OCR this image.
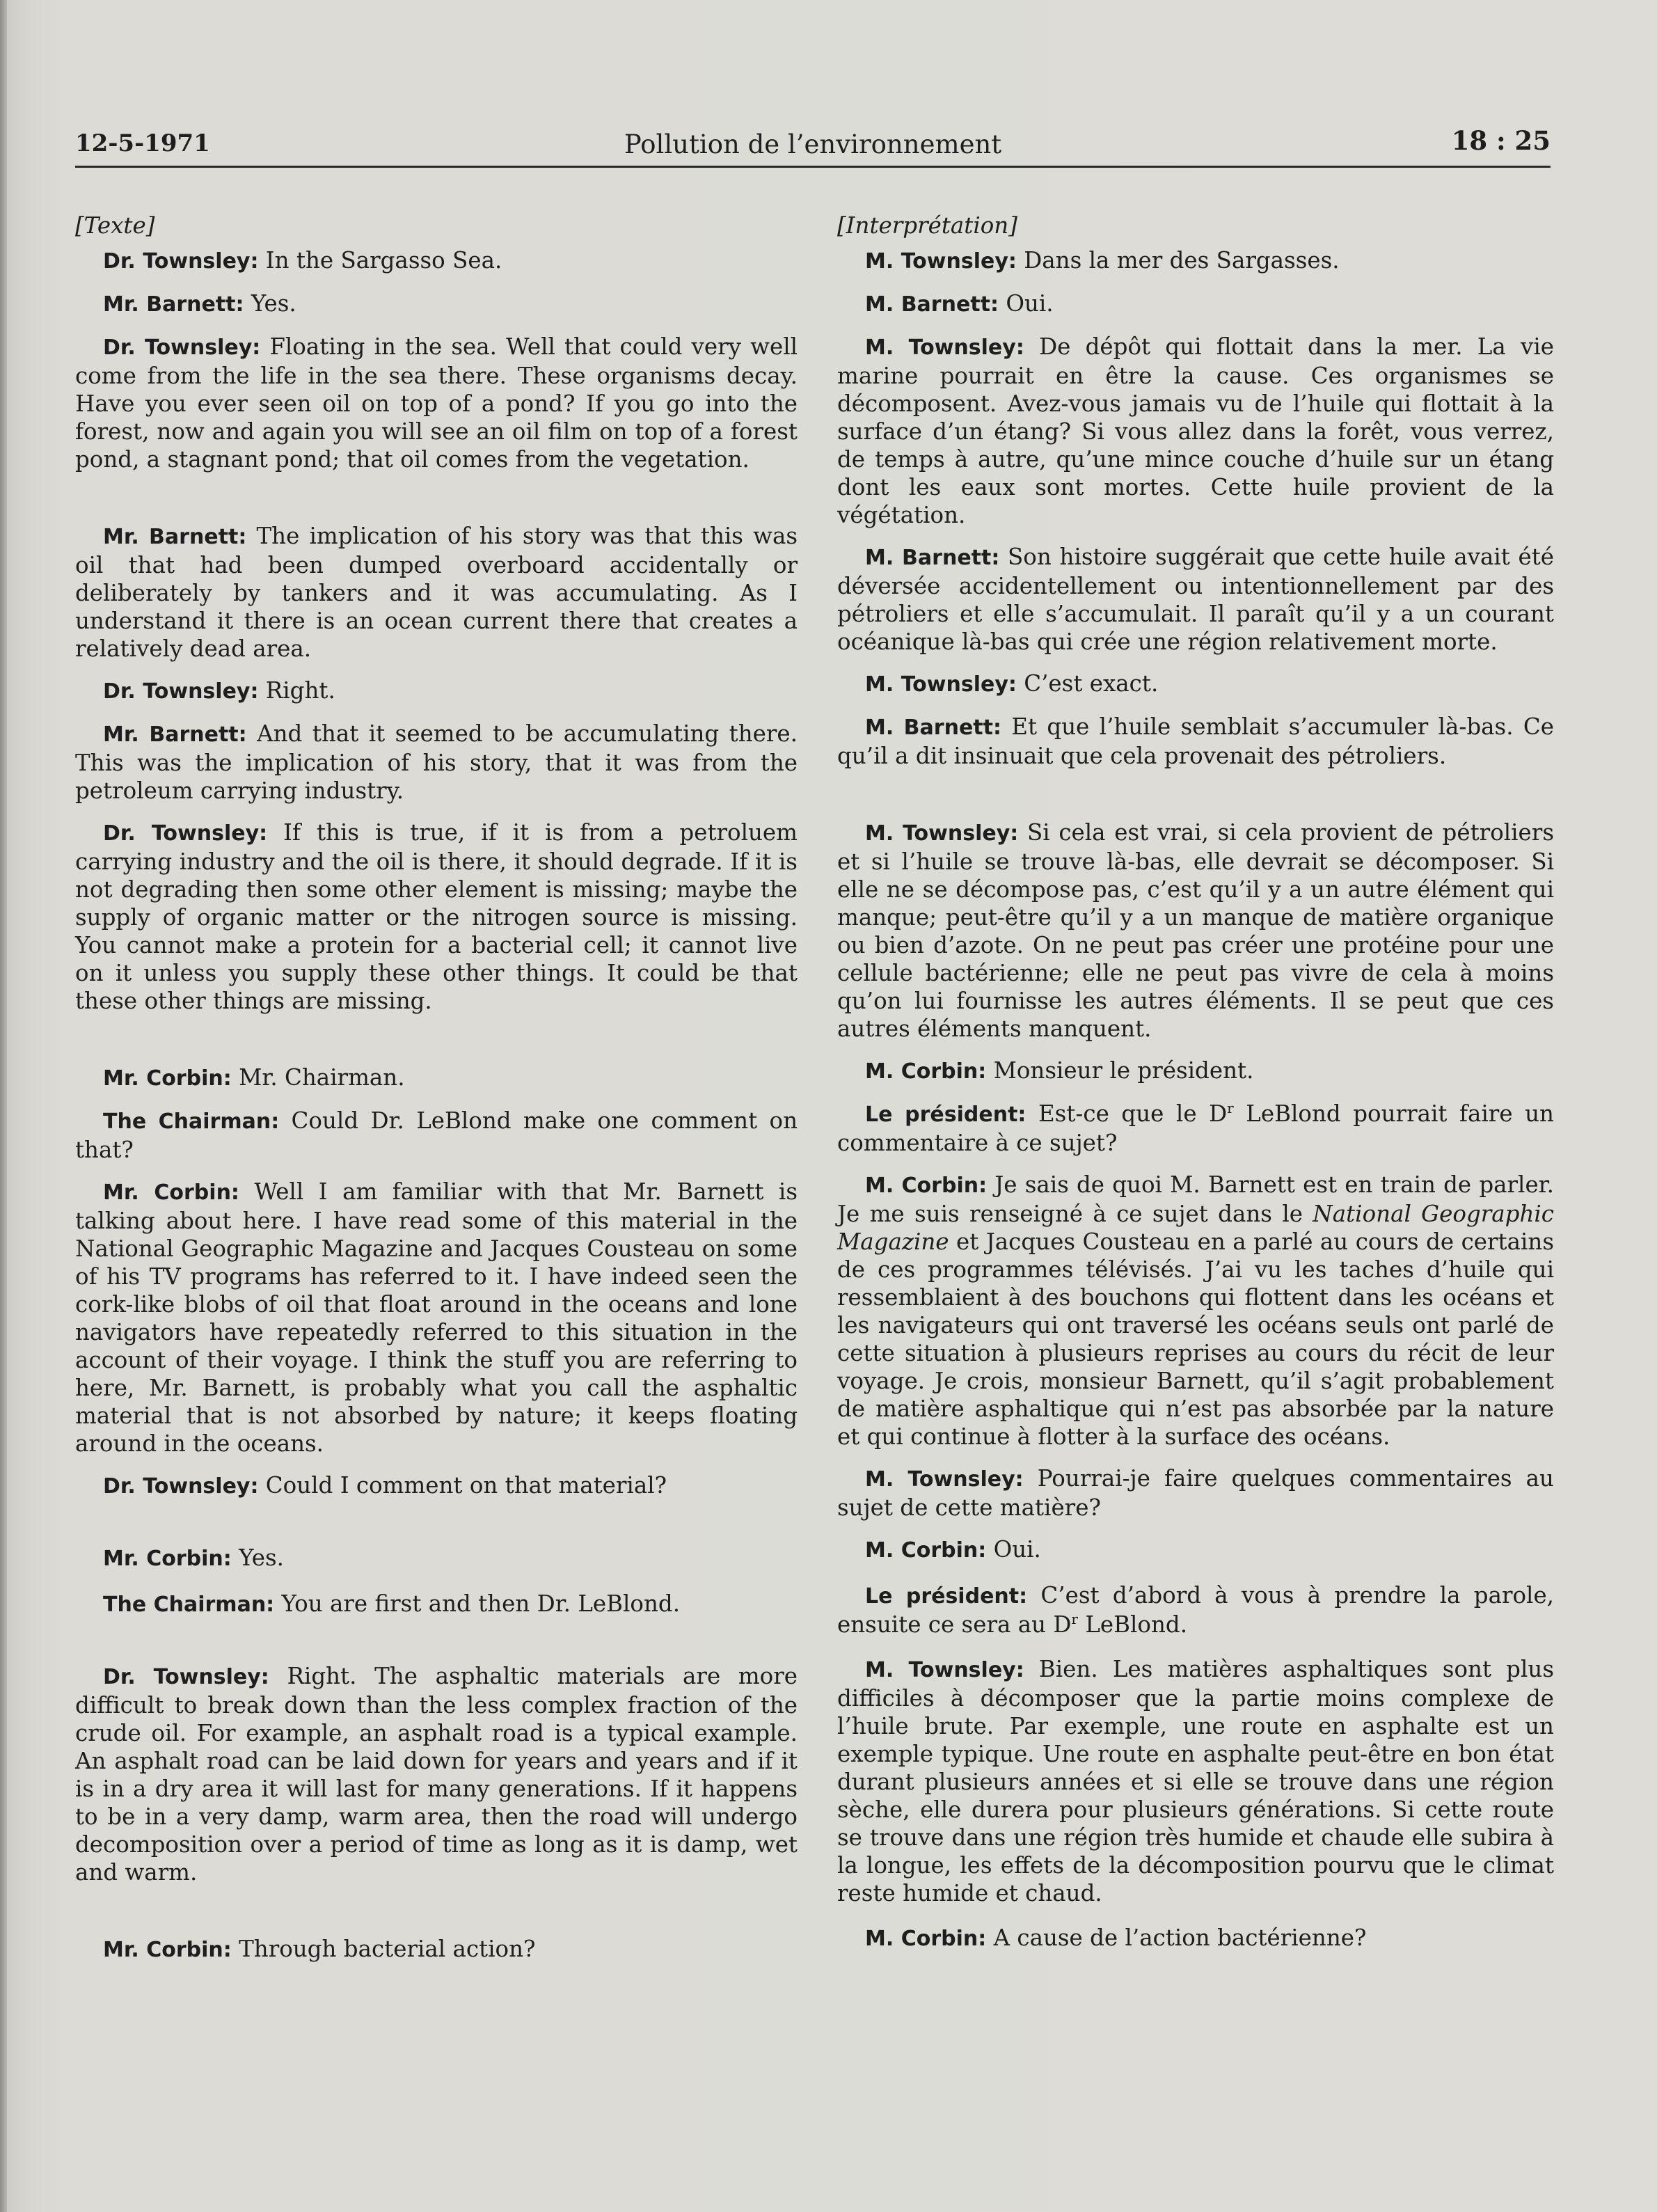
12-5-1971	Pollution de l’environnement	18 : 25
[Texte]

Dr. Townsley: In the Sargasso Sea.

Mr. Barnett: Yes.

Dr. Townsley: Floating in the sea. Well that could very well come from the life in the sea there. These organisms decay. Have you ever seen oil on top of a pond? If you go into the forest, now and again you will see an oil film on top of a forest pond, a stagnant pond; that oil comes from the vegetation.

Mr. Barnett: The implication of his story was that this was oil that had been dumped overboard accidentally or deliberately by tankers and it was accumulating. As I understand it there is an ocean current there that creates a relatively dead area.

Dr. Townsley: Right.

Mr. Barnett: And that it seemed to be accumulating there. This was the implication of his story, that it was from the petroleum carrying industry.

Dr. Townsley: If this is true, if it is from a petroluem carrying industry and the oil is there, it should degrade. If it is not degrading then some other element is missing; maybe the supply of organic matter or the nitrogen source is missing. You cannot make a protein for a bacterial cell; it cannot live on it unless you supply these other things. It could be that these other things are missing.

Mr. Corbin: Mr. Chairman.

The Chairman: Could Dr. LeBlond make one comment on that?

Mr. Corbin: Well I am familiar with that Mr. Barnett is talking about here. I have read some of this material in the National Geographic Magazine and Jacques Cousteau on some of his TV programs has referred to it. I have indeed seen the cork-like blobs of oil that float around in the oceans and lone navigators have repeatedly referred to this situation in the account of their voyage. I think the stuff you are referring to here, Mr. Barnett, is probably what you call the asphaltic material that is not absorbed by nature; it keeps floating around in the oceans.

Dr. Townsley: Could I comment on that material?

Mr. Corbin: Yes.

The Chairman: You are first and then Dr. LeBlond.

Dr. Townsley: Right. The asphaltic materials are more difficult to break down than the less complex fraction of the crude oil. For example, an asphalt road is a typical example. An asphalt road can be laid down for years and years and if it is in a dry area it will last for many generations. If it happens to be in a very damp, warm area, then the road will undergo decomposition over a period of time as long as it is damp, wet and warm.

Mr. Corbin: Through bacterial action?

[Interprétation]

M. Townsley: Dans la mer des Sargasses.

M. Barnett: Oui.

M. Townsley: De dépôt qui flottait dans la mer. La vie marine pourrait en être la cause. Ces organismes se décomposent. Avez-vous jamais vu de l’huile qui flottait à la surface d’un étang? Si vous allez dans la forêt, vous verrez, de temps à autre, qu’une mince couche d’huile sur un étang dont les eaux sont mortes. Cette huile provient de la végétation.

M. Barnett: Son histoire suggérait que cette huile avait été déversée accidentellement ou intentionnellement par des pétroliers et elle s’accumulait. Il paraît qu’il y a un courant océanique là-bas qui crée une région relativement morte.

M. Townsley: C’est exact.

M. Barnett: Et que l’huile semblait s’accumuler là-bas. Ce qu’il a dit insinuait que cela provenait des pétroliers.

M. Townsley: Si cela est vrai, si cela provient de pétroliers et si l’huile se trouve là-bas, elle devrait se décomposer. Si elle ne se décompose pas, c’est qu’il y a un autre élément qui manque; peut-être qu’il y a un manque de matière organique ou bien d’azote. On ne peut pas créer une protéine pour une cellule bactérienne; elle ne peut pas vivre de cela à moins qu’on lui fournisse les autres éléments. Il se peut que ces autres éléments manquent.

M. Corbin: Monsieur le président.

Le président: Est-ce que le $D^r$ LeBlond pourrait faire un commentaire à ce sujet?

M. Corbin: Je sais de quoi M. Barnett est en train de parler. Je me suis renseigné à ce sujet dans le National Geographic Magazine et Jacques Cousteau en a parlé au cours de certains de ces programmes télévisés. J’ai vu les taches d’huile qui ressemblaient à des bouchons qui flottent dans les océans et les navigateurs qui ont traversé les océans seuls ont parlé de cette situation à plusieurs reprises au cours du récit de leur voyage. Je crois, monsieur Barnett, qu’il s’agit probablement de matière asphaltique qui n’est pas absorbée par la nature et qui continue à flotter à la surface des océans.

M. Townsley: Pourrai-je faire quelques commentaires au sujet de cette matière?

M. Corbin: Oui.

Le président: C’est d’abord à vous à prendre la parole, ensuite ce sera au $D^r$ LeBlond.

M. Townsley: Bien. Les matières asphaltiques sont plus difficiles à décomposer que la partie moins complexe de l’huile brute. Par exemple, une route en asphalte est un exemple typique. Une route en asphalte peut-être en bon état durant plusieurs années et si elle se trouve dans une région sèche, elle durera pour plusieurs générations. Si cette route se trouve dans une région très humide et chaude elle subira à la longue, les effets de la décomposition pourvu que le climat reste humide et chaud.

M. Corbin: A cause de l’action bactérienne?
